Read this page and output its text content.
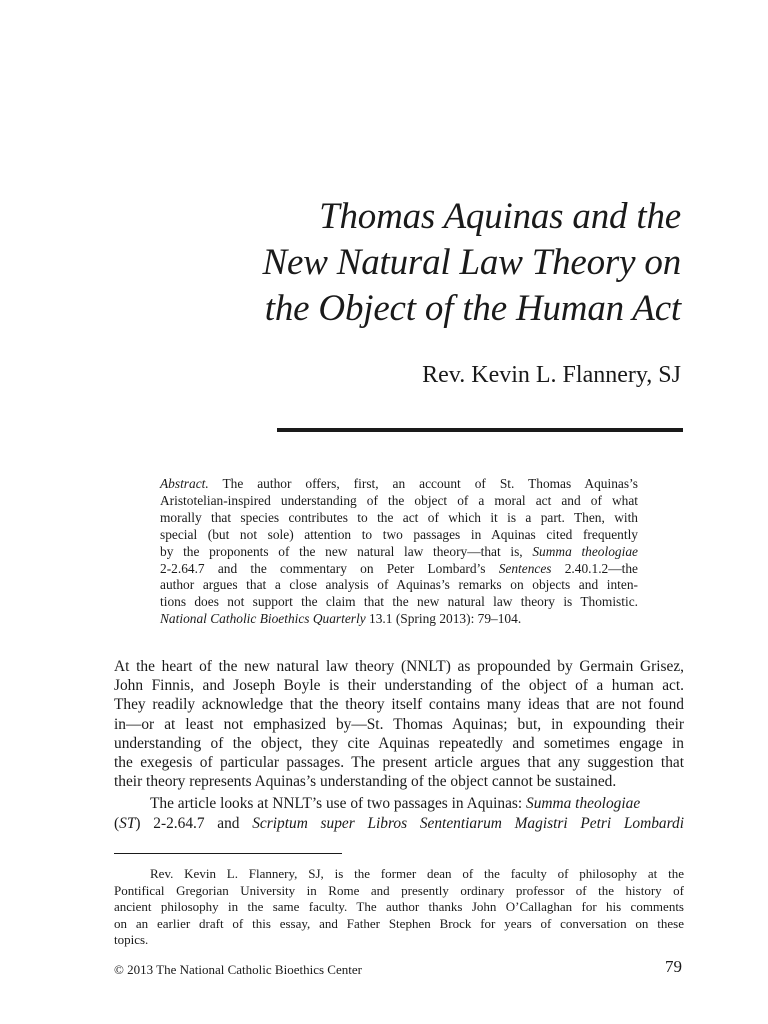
Thomas Aquinas and the
New Natural Law Theory on
the Object of the Human Act
Rev. Kevin L. Flannery, SJ

Abstract. The author offers, first, an account of St. Thomas Aquinas’s
Aristotelian-inspired understanding of the object of a moral act and of what
morally that species contributes to the act of which it is a part. Then, with
special (but not sole) attention to two passages in Aquinas cited frequently
by the proponents of the new natural law theory—that is, Summa theologiae
2-2.64.7 and the commentary on Peter Lombard’s Sentences 2.40.1.2—the
author argues that a close analysis of Aquinas’s remarks on objects and inten-
tions does not support the claim that the new natural law theory is Thomistic.
National Catholic Bioethics Quarterly 13.1 (Spring 2013): 79–104.

At the heart of the new natural law theory (NNLT) as propounded by Germain Grisez,
John Finnis, and Joseph Boyle is their understanding of the object of a human act.
They readily acknowledge that the theory itself contains many ideas that are not found
in—or at least not emphasized by—St. Thomas Aquinas; but, in expounding their
understanding of the object, they cite Aquinas repeatedly and sometimes engage in
the exegesis of particular passages. The present article argues that any suggestion that
their theory represents Aquinas’s understanding of the object cannot be sustained.
The article looks at NNLT’s use of two passages in Aquinas: Summa theologiae
(ST) 2-2.64.7 and Scriptum super Libros Sententiarum Magistri Petri Lombardi
Rev. Kevin L. Flannery, SJ, is the former dean of the faculty of philosophy at the
Pontifical Gregorian University in Rome and presently ordinary professor of the history of
ancient philosophy in the same faculty. The author thanks John O’Callaghan for his comments
on an earlier draft of this essay, and Father Stephen Brock for years of conversation on these
topics.
© 2013 The National Catholic Bioethics Center	79
